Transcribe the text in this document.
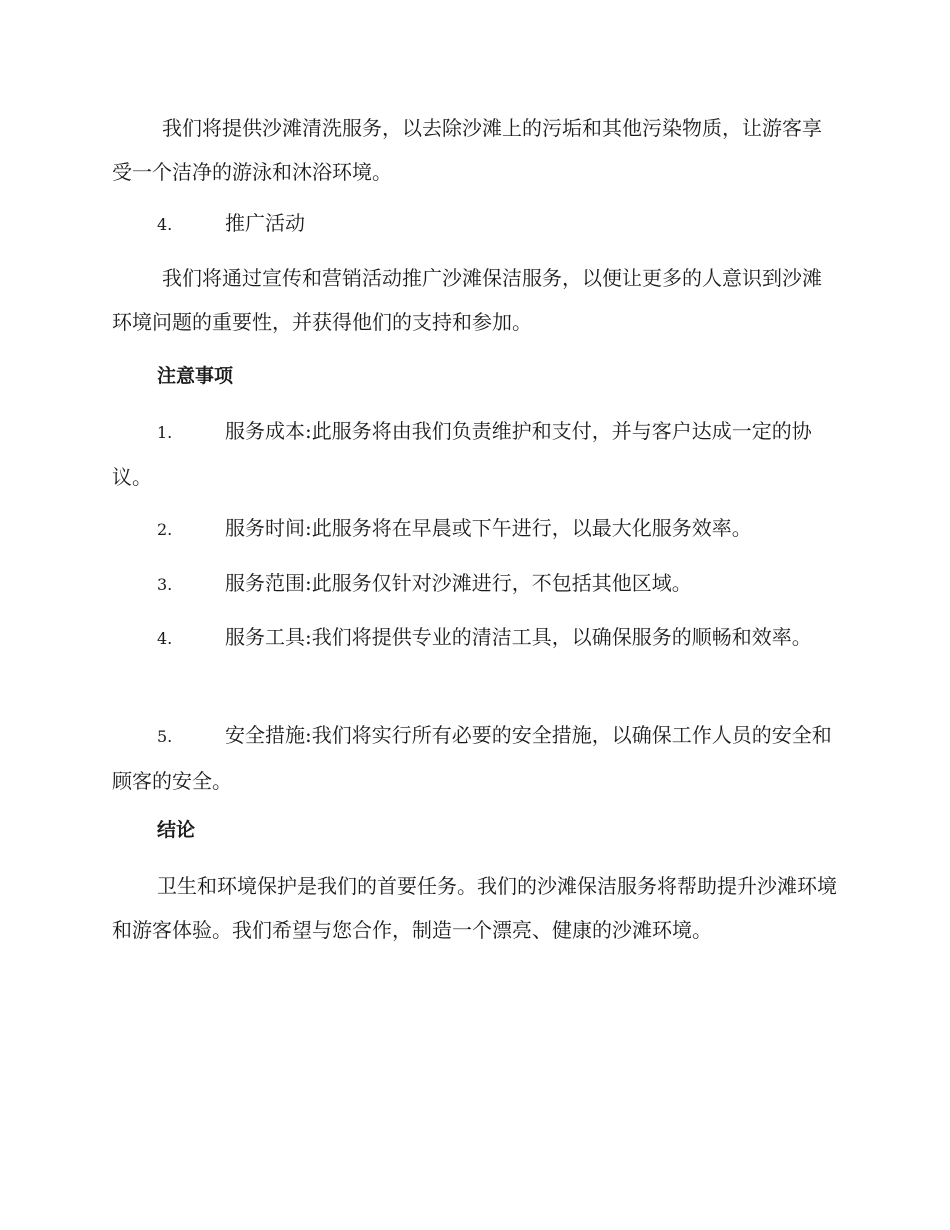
我们将提供沙滩清洗服务，以去除沙滩上的污垢和其他污染物质，让游客享受一个洁净的游泳和沐浴环境。

4.	推广活动

我们将通过宣传和营销活动推广沙滩保洁服务，以便让更多的人意识到沙滩环境问题的重要性，并获得他们的支持和参加。

注意事项

1.	服务成本:此服务将由我们负责维护和支付，并与客户达成一定的协议。

2.	服务时间:此服务将在早晨或下午进行，以最大化服务效率。

3.	服务范围:此服务仅针对沙滩进行，不包括其他区域。

4.	服务工具:我们将提供专业的清洁工具，以确保服务的顺畅和效率。

5.	安全措施:我们将实行所有必要的安全措施，以确保工作人员的安全和顾客的安全。

结论

卫生和环境保护是我们的首要任务。我们的沙滩保洁服务将帮助提升沙滩环境和游客体验。我们希望与您合作，制造一个漂亮、健康的沙滩环境。
